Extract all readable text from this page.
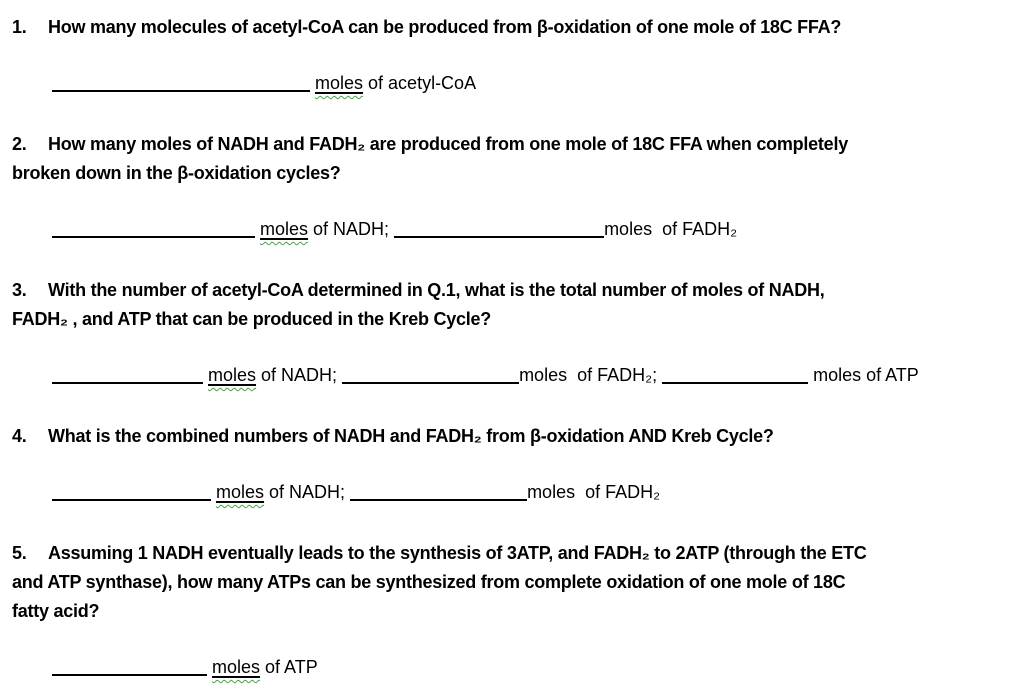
1. How many molecules of acetyl-CoA can be produced from β-oxidation of one mole of 18C FFA?

moles of acetyl-CoA

2. How many moles of NADH and FADH₂ are produced from one mole of 18C FFA when completely
broken down in the β-oxidation cycles?

moles of NADH;	moles  of FADH₂

3. With the number of acetyl-CoA determined in Q.1, what is the total number of moles of NADH,
FADH₂ , and ATP that can be produced in the Kreb Cycle?

moles of NADH;	moles  of FADH₂;	moles of ATP

4. What is the combined numbers of NADH and FADH₂ from β-oxidation AND Kreb Cycle?

moles of NADH;	moles  of FADH₂

5. Assuming 1 NADH eventually leads to the synthesis of 3ATP, and FADH₂ to 2ATP (through the ETC
and ATP synthase), how many ATPs can be synthesized from complete oxidation of one mole of 18C
fatty acid?

moles of ATP
